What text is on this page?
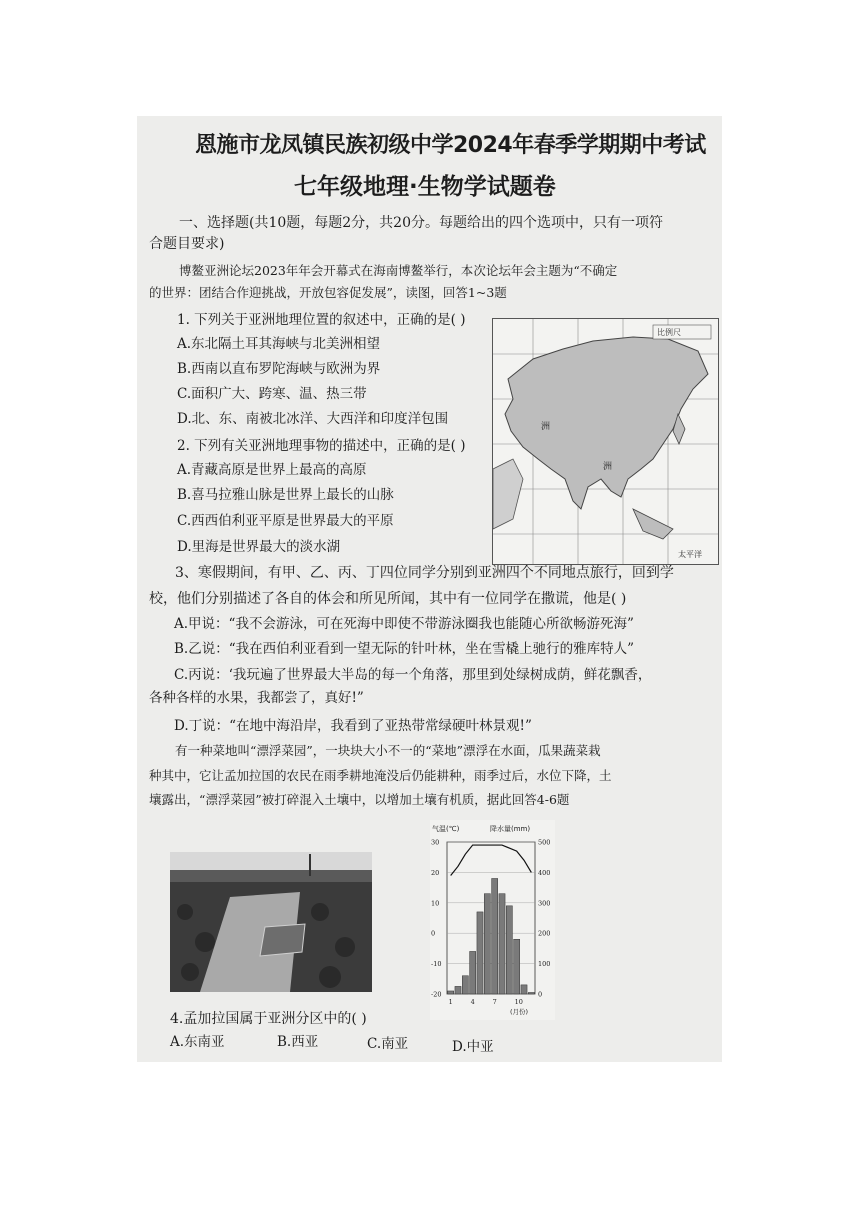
恩施市龙凤镇民族初级中学2024年春季学期期中考试
七年级地理·生物学试题卷
一、选择题(共10题，每题2分，共20分。每题给出的四个选项中，只有一项符
合题目要求)
博鳌亚洲论坛2023年年会开幕式在海南博鳌举行，本次论坛年会主题为“不确定
的世界：团结合作迎挑战，开放包容促发展”，读图，回答1~3题
1. 下列关于亚洲地理位置的叙述中，正确的是( )
A.东北隔土耳其海峡与北美洲相望
B.西南以直布罗陀海峡与欧洲为界
C.面积广大、跨寒、温、热三带
D.北、东、南被北冰洋、大西洋和印度洋包围
2. 下列有关亚洲地理事物的描述中，正确的是( )
A.青藏高原是世界上最高的高原
B.喜马拉雅山脉是世界上最长的山脉
C.西西伯利亚平原是世界最大的平原
D.里海是世界最大的淡水湖
比例尺
洲
洲
太平洋
3、寒假期间，有甲、乙、丙、丁四位同学分别到亚洲四个不同地点旅行，回到学
校，他们分别描述了各自的体会和所见所闻，其中有一位同学在撒谎，他是( )
A.甲说：“我不会游泳，可在死海中即使不带游泳圈我也能随心所欲畅游死海”
B.乙说：“我在西伯利亚看到一望无际的针叶林，坐在雪橇上驰行的雅库特人”
C.丙说：‘我玩遍了世界最大半岛的每一个角落，那里到处绿树成荫，鲜花飘香，
各种各样的水果，我都尝了，真好!”
D.丁说：“在地中海沿岸，我看到了亚热带常绿硬叶林景观!”
有一种菜地叫“漂浮菜园”，一块块大小不一的“菜地”漂浮在水面，瓜果蔬菜栽
种其中，它让孟加拉国的农民在雨季耕地淹没后仍能耕种，雨季过后，水位下降，土
壤露出，“漂浮菜园”被打碎混入土壤中，以增加土壤有机质，据此回答4-6题
气温(℃)	降水量(mm)
30
20
10
0
-10
-20
500
400
300
200
100
0
1	4	7	10
(月份)
4.孟加拉国属于亚洲分区中的( )
A.东南亚	B.西亚	C.南亚	D.中亚
